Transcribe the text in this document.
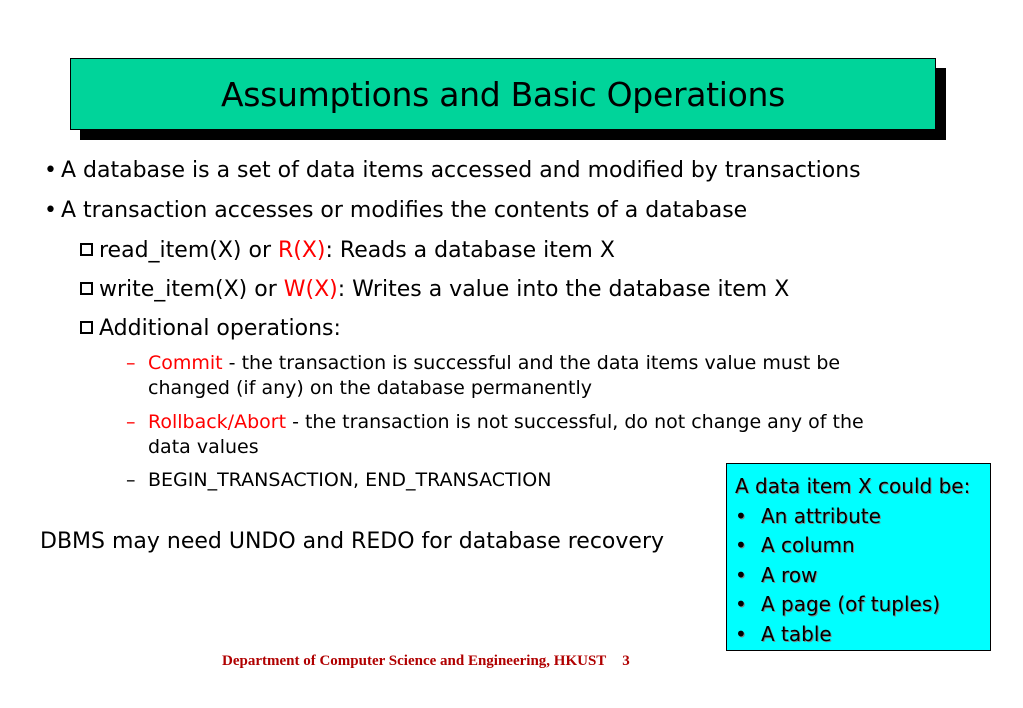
Assumptions and Basic Operations
• A database is a set of data items accessed and modified by transactions
• A transaction accesses or modifies the contents of a database
read_item(X) or R(X): Reads a database item X
write_item(X) or W(X): Writes a value into the database item X
Additional operations:
– Commit - the transaction is successful and the data items value must be
changed (if any) on the database permanently
– Rollback/Abort - the transaction is not successful, do not change any of the
data values
– BEGIN_TRANSACTION, END_TRANSACTION
DBMS may need UNDO and REDO for database recovery
A data item X could be:
• An attribute
• A column
• A row
• A page (of tuples)
• A table
Department of Computer Science and Engineering, HKUST 3
